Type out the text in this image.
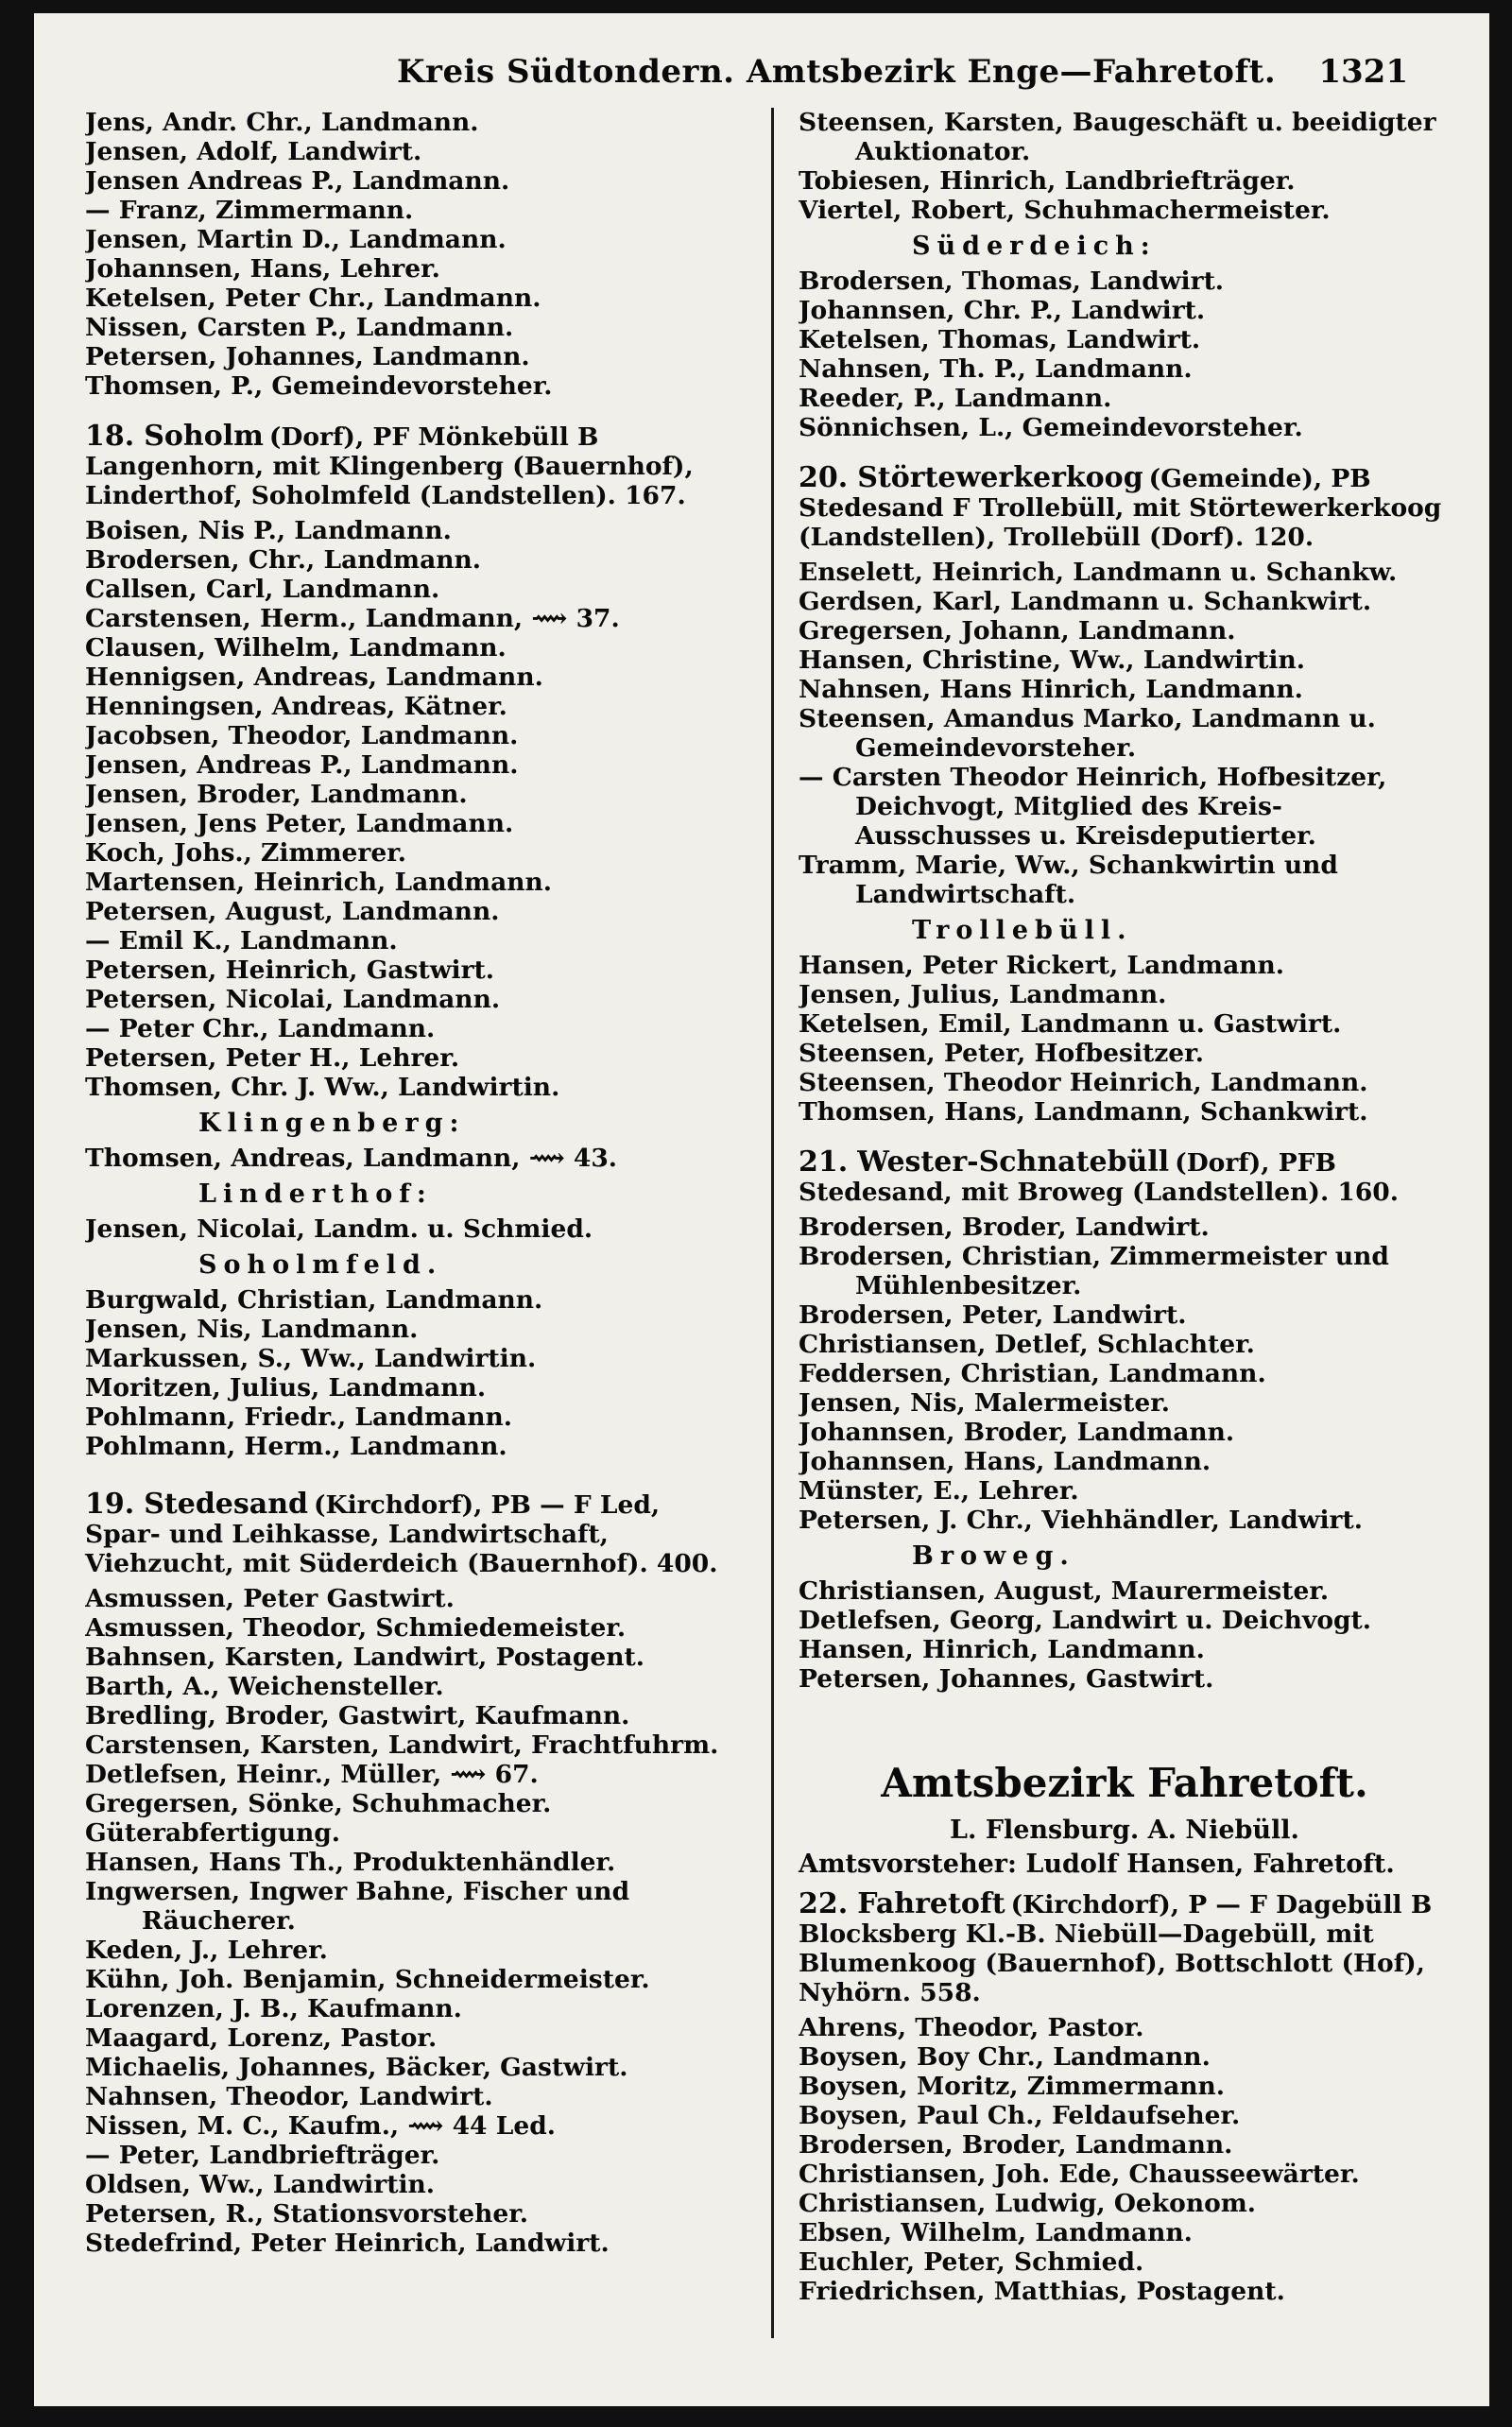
Kreis Südtondern. Amtsbezirk Enge—Fahretoft. 1321
Jens, Andr. Chr., Landmann.
Jensen, Adolf, Landwirt.
Jensen Andreas P., Landmann.
— Franz, Zimmermann.
Jensen, Martin D., Landmann.
Johannsen, Hans, Lehrer.
Ketelsen, Peter Chr., Landmann.
Nissen, Carsten P., Landmann.
Petersen, Johannes, Landmann.
Thomsen, P., Gemeindevorsteher.
18. Soholm (Dorf), PF Mönkebüll B Langenhorn, mit Klingenberg (Bauernhof), Linderthof, Soholmfeld (Landstellen). 167.
Boisen, Nis P., Landmann.
Brodersen, Chr., Landmann.
Callsen, Carl, Landmann.
Carstensen, Herm., Landmann, ⟿ 37.
Clausen, Wilhelm, Landmann.
Hennigsen, Andreas, Landmann.
Henningsen, Andreas, Kätner.
Jacobsen, Theodor, Landmann.
Jensen, Andreas P., Landmann.
Jensen, Broder, Landmann.
Jensen, Jens Peter, Landmann.
Koch, Johs., Zimmerer.
Martensen, Heinrich, Landmann.
Petersen, August, Landmann.
— Emil K., Landmann.
Petersen, Heinrich, Gastwirt.
Petersen, Nicolai, Landmann.
— Peter Chr., Landmann.
Petersen, Peter H., Lehrer.
Thomsen, Chr. J. Ww., Landwirtin.
Klingenberg:
Thomsen, Andreas, Landmann, ⟿ 43.
Linderthof:
Jensen, Nicolai, Landm. u. Schmied.
Soholmfeld.
Burgwald, Christian, Landmann.
Jensen, Nis, Landmann.
Markussen, S., Ww., Landwirtin.
Moritzen, Julius, Landmann.
Pohlmann, Friedr., Landmann.
Pohlmann, Herm., Landmann.
19. Stedesand (Kirchdorf), PB — F Led, Spar- und Leihkasse, Landwirtschaft, Viehzucht, mit Süderdeich (Bauernhof). 400.
Asmussen, Peter Gastwirt.
Asmussen, Theodor, Schmiedemeister.
Bahnsen, Karsten, Landwirt, Postagent.
Barth, A., Weichensteller.
Bredling, Broder, Gastwirt, Kaufmann.
Carstensen, Karsten, Landwirt, Frachtfuhrm.
Detlefsen, Heinr., Müller, ⟿ 67.
Gregersen, Sönke, Schuhmacher.
Güterabfertigung.
Hansen, Hans Th., Produktenhändler.
Ingwersen, Ingwer Bahne, Fischer und Räucherer.
Keden, J., Lehrer.
Kühn, Joh. Benjamin, Schneidermeister.
Lorenzen, J. B., Kaufmann.
Maagard, Lorenz, Pastor.
Michaelis, Johannes, Bäcker, Gastwirt.
Nahnsen, Theodor, Landwirt.
Nissen, M. C., Kaufm., ⟿ 44 Led.
— Peter, Landbriefträger.
Oldsen, Ww., Landwirtin.
Petersen, R., Stationsvorsteher.
Stedefrind, Peter Heinrich, Landwirt.
Steensen, Karsten, Baugeschäft u. beeidigter Auktionator.
Tobiesen, Hinrich, Landbriefträger.
Viertel, Robert, Schuhmachermeister.
Süderdeich:
Brodersen, Thomas, Landwirt.
Johannsen, Chr. P., Landwirt.
Ketelsen, Thomas, Landwirt.
Nahnsen, Th. P., Landmann.
Reeder, P., Landmann.
Sönnichsen, L., Gemeindevorsteher.
20. Störtewerkerkoog (Gemeinde), PB Stedesand F Trollebüll, mit Störtewerkerkoog (Landstellen), Trollebüll (Dorf). 120.
Enselett, Heinrich, Landmann u. Schankw.
Gerdsen, Karl, Landmann u. Schankwirt.
Gregersen, Johann, Landmann.
Hansen, Christine, Ww., Landwirtin.
Nahnsen, Hans Hinrich, Landmann.
Steensen, Amandus Marko, Landmann u. Gemeindevorsteher.
— Carsten Theodor Heinrich, Hofbesitzer, Deichvogt, Mitglied des Kreis-Ausschusses u. Kreisdeputierter.
Tramm, Marie, Ww., Schankwirtin und Landwirtschaft.
Trollebüll.
Hansen, Peter Rickert, Landmann.
Jensen, Julius, Landmann.
Ketelsen, Emil, Landmann u. Gastwirt.
Steensen, Peter, Hofbesitzer.
Steensen, Theodor Heinrich, Landmann.
Thomsen, Hans, Landmann, Schankwirt.
21. Wester-Schnatebüll (Dorf), PFB Stedesand, mit Broweg (Landstellen). 160.
Brodersen, Broder, Landwirt.
Brodersen, Christian, Zimmermeister und Mühlenbesitzer.
Brodersen, Peter, Landwirt.
Christiansen, Detlef, Schlachter.
Feddersen, Christian, Landmann.
Jensen, Nis, Malermeister.
Johannsen, Broder, Landmann.
Johannsen, Hans, Landmann.
Münster, E., Lehrer.
Petersen, J. Chr., Viehhändler, Landwirt.
Broweg.
Christiansen, August, Maurermeister.
Detlefsen, Georg, Landwirt u. Deichvogt.
Hansen, Hinrich, Landmann.
Petersen, Johannes, Gastwirt.
Amtsbezirk Fahretoft.
L. Flensburg. A. Niebüll.
Amtsvorsteher: Ludolf Hansen, Fahretoft.
22. Fahretoft (Kirchdorf), P — F Dagebüll B Blocksberg Kl.-B. Niebüll—Dagebüll, mit Blumenkoog (Bauernhof), Bottschlott (Hof), Nyhörn. 558.
Ahrens, Theodor, Pastor.
Boysen, Boy Chr., Landmann.
Boysen, Moritz, Zimmermann.
Boysen, Paul Ch., Feldaufseher.
Brodersen, Broder, Landmann.
Christiansen, Joh. Ede, Chausseewärter.
Christiansen, Ludwig, Oekonom.
Ebsen, Wilhelm, Landmann.
Euchler, Peter, Schmied.
Friedrichsen, Matthias, Postagent.
